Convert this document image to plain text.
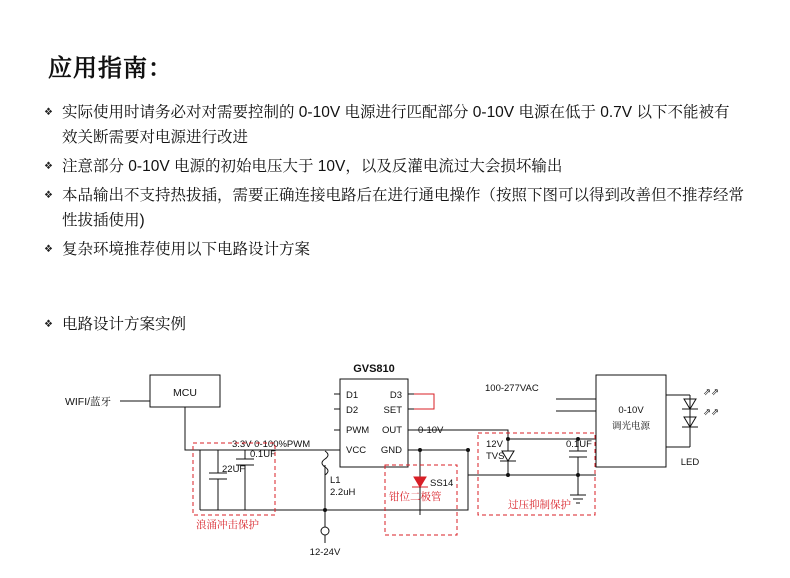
应用指南：
❖ 实际使用时请务必对对需要控制的 0-10V 电源进行匹配部分 0-10V 电源在低于 0.7V 以下不能被有效关断需要对电源进行改进
❖ 注意部分 0-10V 电源的初始电压大于 10V，以及反灌电流过大会损坏输出
❖ 本品输出不支持热拔插，需要正确连接电路后在进行通电操作（按照下图可以得到改善但不推荐经常性拔插使用)
❖ 复杂环境推荐使用以下电路设计方案
❖ 电路设计方案实例
MCU
WIFI/蓝牙
3.3V 0-100%PWM
GVS810
D1
D2
PWM
VCC
D3
SET
OUT
GND
0-10V
0.1UF
22UF
浪涌冲击保护
L1
2.2uH
12-24V
SS14
钳位二极管
100-277VAC
0-10V
调光电源
12V
TVS
0.1UF
过压抑制保护
⇗⇗
⇗⇗
LED
